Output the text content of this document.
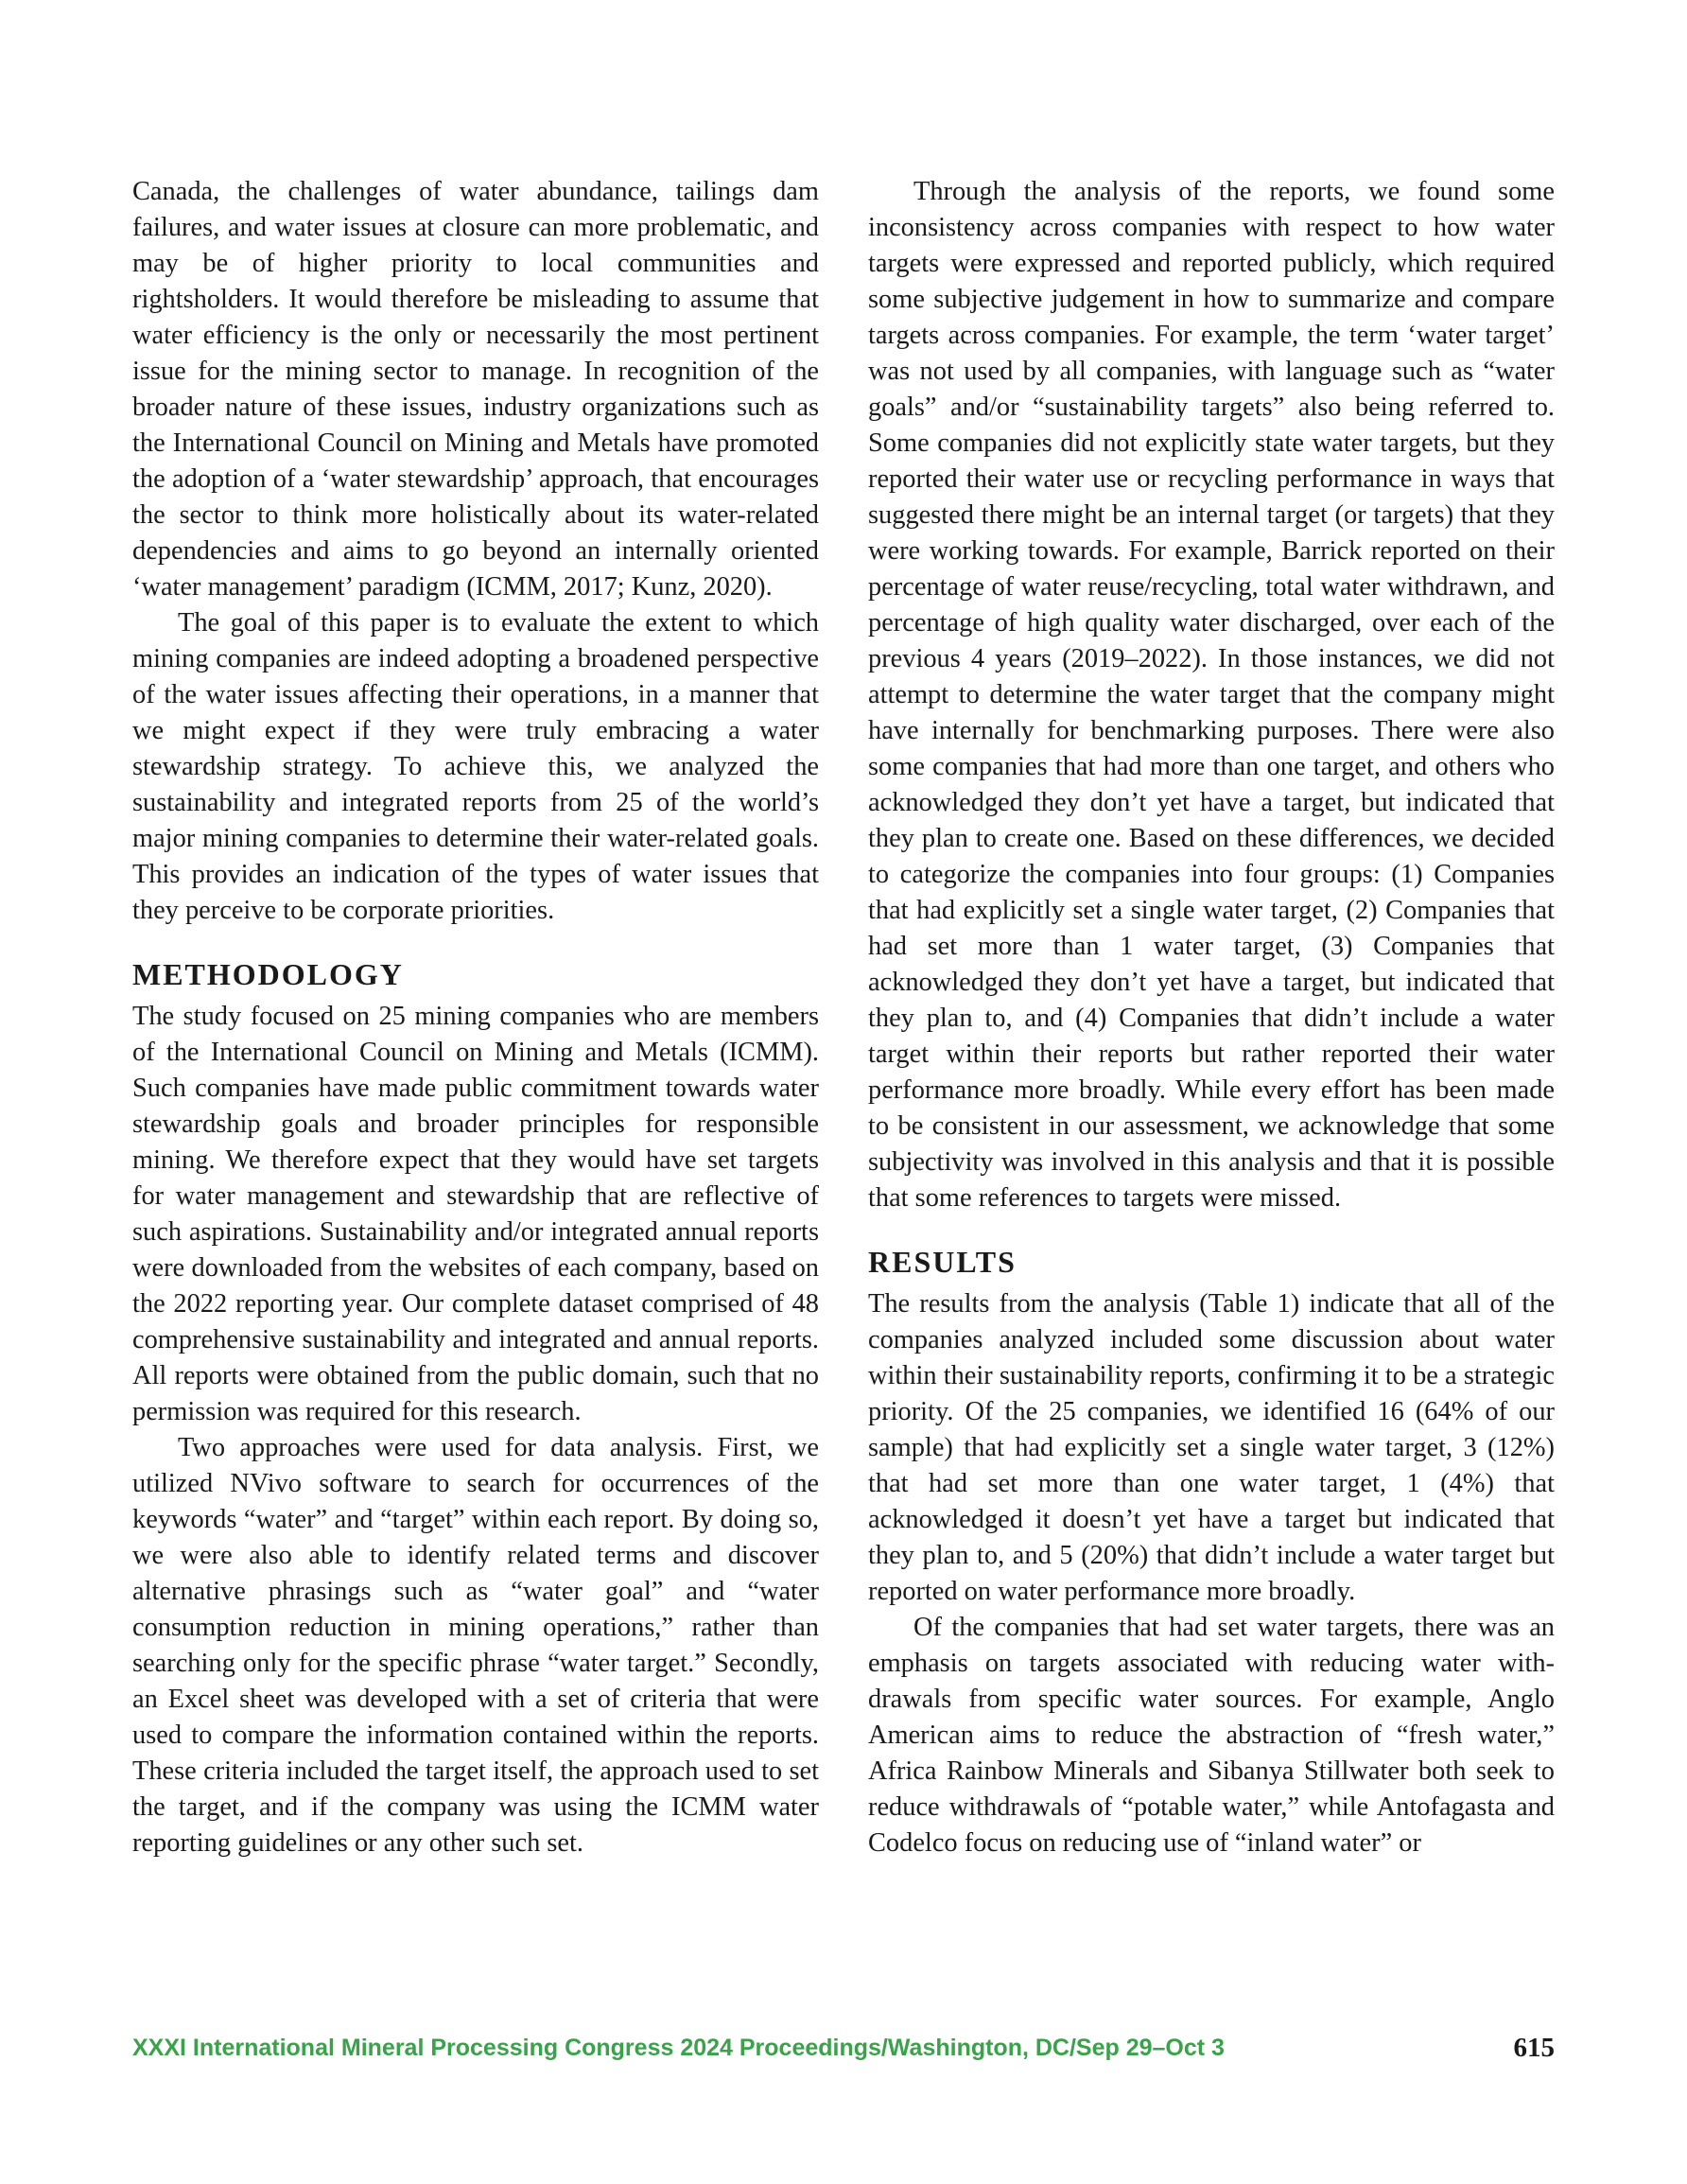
Canada, the challenges of water abundance, tailings dam failures, and water issues at closure can more problematic, and may be of higher priority to local communities and rightsholders. It would therefore be misleading to assume that water efficiency is the only or necessarily the most pertinent issue for the mining sector to manage. In recognition of the broader nature of these issues, industry organizations such as the International Council on Mining and Metals have promoted the adoption of a ‘water stewardship’ approach, that encourages the sector to think more holistically about its water-related dependencies and aims to go beyond an internally oriented ‘water management’ paradigm (ICMM, 2017; Kunz, 2020).

The goal of this paper is to evaluate the extent to which mining companies are indeed adopting a broadened perspective of the water issues affecting their operations, in a manner that we might expect if they were truly embracing a water stewardship strategy. To achieve this, we analyzed the sustainability and integrated reports from 25 of the world’s major mining companies to determine their water-related goals. This provides an indication of the types of water issues that they perceive to be corporate priorities.

METHODOLOGY

The study focused on 25 mining companies who are members of the International Council on Mining and Metals (ICMM). Such companies have made public commitment towards water stewardship goals and broader principles for responsible mining. We therefore expect that they would have set targets for water management and stewardship that are reflective of such aspirations. Sustainability and/or integrated annual reports were downloaded from the websites of each company, based on the 2022 reporting year. Our complete dataset comprised of 48 comprehensive sustainability and integrated and annual reports. All reports were obtained from the public domain, such that no permission was required for this research.

Two approaches were used for data analysis. First, we utilized NVivo software to search for occurrences of the keywords “water” and “target” within each report. By doing so, we were also able to identify related terms and discover alternative phrasings such as “water goal” and “water consumption reduction in mining operations,” rather than searching only for the specific phrase “water target.” Secondly, an Excel sheet was developed with a set of criteria that were used to compare the information contained within the reports. These criteria included the target itself, the approach used to set the target, and if the company was using the ICMM water reporting guidelines or any other such set.

Through the analysis of the reports, we found some inconsistency across companies with respect to how water targets were expressed and reported publicly, which required some subjective judgement in how to summarize and compare targets across companies. For example, the term ‘water target’ was not used by all companies, with language such as “water goals” and/or “sustainability targets” also being referred to. Some companies did not explicitly state water targets, but they reported their water use or recycling performance in ways that suggested there might be an internal target (or targets) that they were working towards. For example, Barrick reported on their percentage of water reuse/recycling, total water withdrawn, and percentage of high quality water discharged, over each of the previous 4 years (2019–2022). In those instances, we did not attempt to determine the water target that the company might have internally for benchmarking purposes. There were also some companies that had more than one target, and others who acknowledged they don’t yet have a target, but indicated that they plan to create one. Based on these differences, we decided to categorize the companies into four groups: (1) Companies that had explicitly set a single water target, (2) Companies that had set more than 1 water target, (3) Companies that acknowledged they don’t yet have a target, but indicated that they plan to, and (4) Companies that didn’t include a water target within their reports but rather reported their water performance more broadly. While every effort has been made to be consistent in our assessment, we acknowledge that some subjectivity was involved in this analysis and that it is possible that some references to targets were missed.

RESULTS

The results from the analysis (Table 1) indicate that all of the companies analyzed included some discussion about water within their sustainability reports, confirming it to be a strategic priority. Of the 25 companies, we identified 16 (64% of our sample) that had explicitly set a single water target, 3 (12%) that had set more than one water target, 1 (4%) that acknowledged it doesn’t yet have a target but indicated that they plan to, and 5 (20%) that didn’t include a water target but reported on water performance more broadly.

Of the companies that had set water targets, there was an emphasis on targets associated with reducing water withdrawals from specific water sources. For example, Anglo American aims to reduce the abstraction of “fresh water,” Africa Rainbow Minerals and Sibanya Stillwater both seek to reduce withdrawals of “potable water,” while Antofagasta and Codelco focus on reducing use of “inland water” or

XXXI International Mineral Processing Congress 2024 Proceedings/Washington, DC/Sep 29–Oct 3	615
